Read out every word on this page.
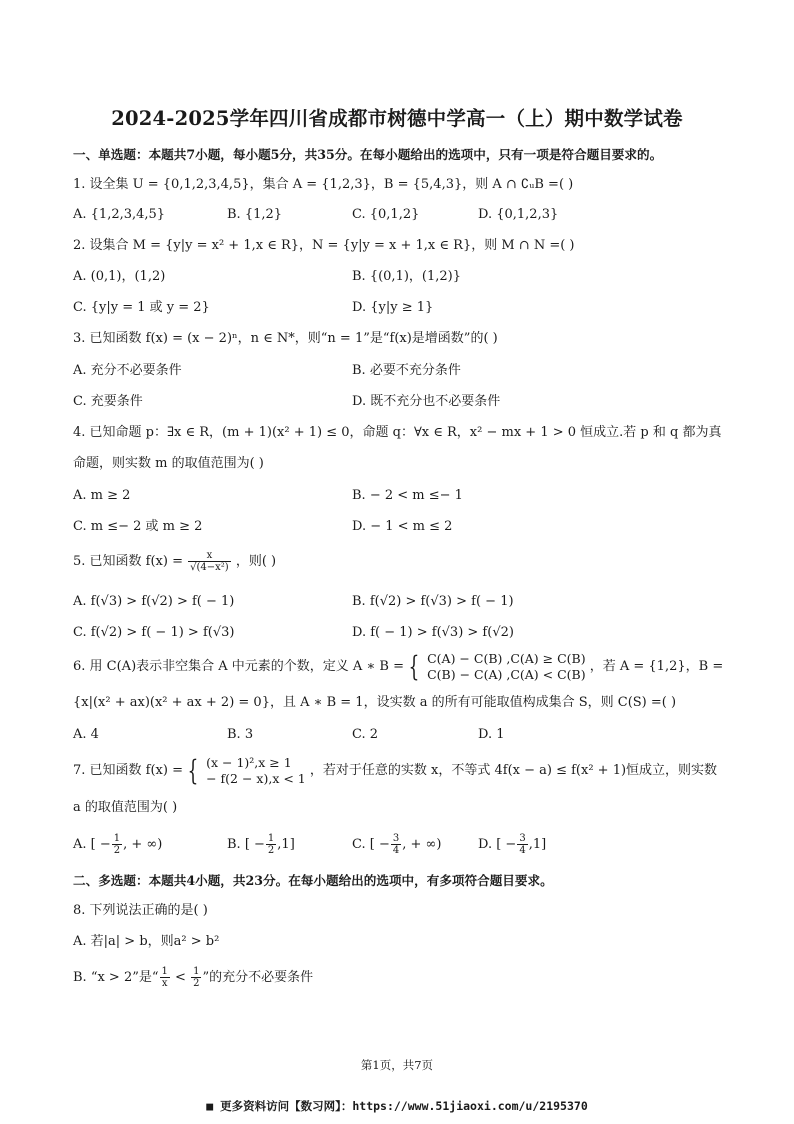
2024-2025学年四川省成都市树德中学高一（上）期中数学试卷
一、单选题：本题共7小题，每小题5分，共35分。在每小题给出的选项中，只有一项是符合题目要求的。
1. 设全集 U = {0,1,2,3,4,5}，集合 A = {1,2,3}，B = {5,4,3}，则 A ∩ ∁ᵤB =( )
A. {1,2,3,4,5}	B. {1,2}	C. {0,1,2}	D. {0,1,2,3}
2. 设集合 M = {y|y = x² + 1,x ∈ R}，N = {y|y = x + 1,x ∈ R}，则 M ∩ N =( )
A. (0,1)，(1,2)	B. {(0,1)，(1,2)}
C. {y|y = 1 或 y = 2}	D. {y|y ≥ 1}
3. 已知函数 f(x) = (x − 2)ⁿ，n ∈ N*，则“n = 1”是“f(x)是增函数”的( )
A. 充分不必要条件	B. 必要不充分条件
C. 充要条件	D. 既不充分也不必要条件
4. 已知命题 p：∃x ∈ R，(m + 1)(x² + 1) ≤ 0，命题 q：∀x ∈ R，x² − mx + 1 > 0 恒成立.若 p 和 q 都为真
命题，则实数 m 的取值范围为( )
A. m ≥ 2	B. − 2 < m ≤− 1
C. m ≤− 2 或 m ≥ 2	D. − 1 < m ≤ 2
5. 已知函数 $f(x) = \frac{x}{\text{√(4−x²)}}$ ，则( )
A. f(√3) > f(√2) > f( − 1)	B. f(√2) > f(√3) > f( − 1)
C. f(√2) > f( − 1) > f(√3)	D. f( − 1) > f(√3) > f(√2)
6. 用 C(A)表示非空集合 A 中元素的个数，定义 A ∗ B = { C(A) − C(B) ,C(A) ≥ C(B)
C(B) − C(A) ,C(A) < C(B) ，若 A = {1,2}，B =
{x|(x² + ax)(x² + ax + 2) = 0}，且 A ∗ B = 1，设实数 a 的所有可能取值构成集合 S，则 C(S) =( )
A. 4	B. 3	C. 2	D. 1
7. 已知函数 f(x) = { (x − 1)²,x ≥ 1
− f(2 − x),x < 1 ，若对于任意的实数 x，不等式 4f(x − a) ≤ f(x² + 1)恒成立，则实数
a 的取值范围为( )
A. [ − $\frac{1}{2}$ , + ∞)	B. [ − $\frac{1}{2} ,1$]	C. [ − $\frac{3}{4}$ , + ∞)	D. [ − $\frac{3}{4} ,1$]
二、多选题：本题共4小题，共23分。在每小题给出的选项中，有多项符合题目要求。
8. 下列说法正确的是( )
A. 若|a| > b，则a² > b²
B. “x > 2”是“ $\frac{1}{x} < \frac{1}{2}$ ”的充分不必要条件
第1页，共7页
■ 更多资料访问【数习网】：https://www.51jiaoxi.com/u/2195370
